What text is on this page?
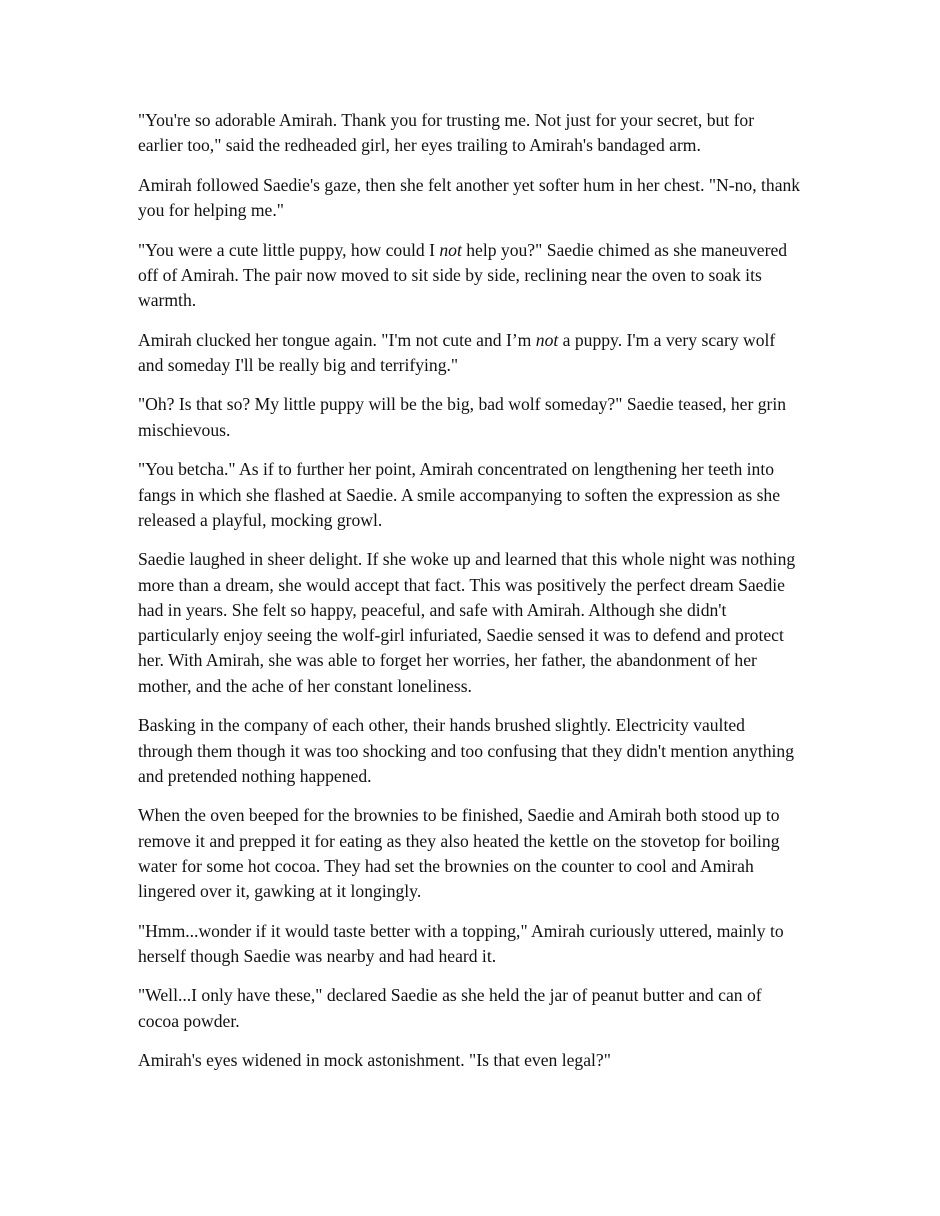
"You're so adorable Amirah. Thank you for trusting me. Not just for your secret, but for earlier too," said the redheaded girl, her eyes trailing to Amirah's bandaged arm.

Amirah followed Saedie's gaze, then she felt another yet softer hum in her chest. "N-no, thank you for helping me."

"You were a cute little puppy, how could I not help you?" Saedie chimed as she maneuvered off of Amirah. The pair now moved to sit side by side, reclining near the oven to soak its warmth.

Amirah clucked her tongue again. "I'm not cute and I’m not a puppy. I'm a very scary wolf and someday I'll be really big and terrifying."

"Oh? Is that so? My little puppy will be the big, bad wolf someday?" Saedie teased, her grin mischievous.

"You betcha." As if to further her point, Amirah concentrated on lengthening her teeth into fangs in which she flashed at Saedie. A smile accompanying to soften the expression as she released a playful, mocking growl.

Saedie laughed in sheer delight. If she woke up and learned that this whole night was nothing more than a dream, she would accept that fact. This was positively the perfect dream Saedie had in years. She felt so happy, peaceful, and safe with Amirah. Although she didn't particularly enjoy seeing the wolf-girl infuriated, Saedie sensed it was to defend and protect her. With Amirah, she was able to forget her worries, her father, the abandonment of her mother, and the ache of her constant loneliness.

Basking in the company of each other, their hands brushed slightly. Electricity vaulted through them though it was too shocking and too confusing that they didn't mention anything and pretended nothing happened.

When the oven beeped for the brownies to be finished, Saedie and Amirah both stood up to remove it and prepped it for eating as they also heated the kettle on the stovetop for boiling water for some hot cocoa. They had set the brownies on the counter to cool and Amirah lingered over it, gawking at it longingly.

"Hmm...wonder if it would taste better with a topping," Amirah curiously uttered, mainly to herself though Saedie was nearby and had heard it.

"Well...I only have these," declared Saedie as she held the jar of peanut butter and can of cocoa powder.

Amirah's eyes widened in mock astonishment. "Is that even legal?"
